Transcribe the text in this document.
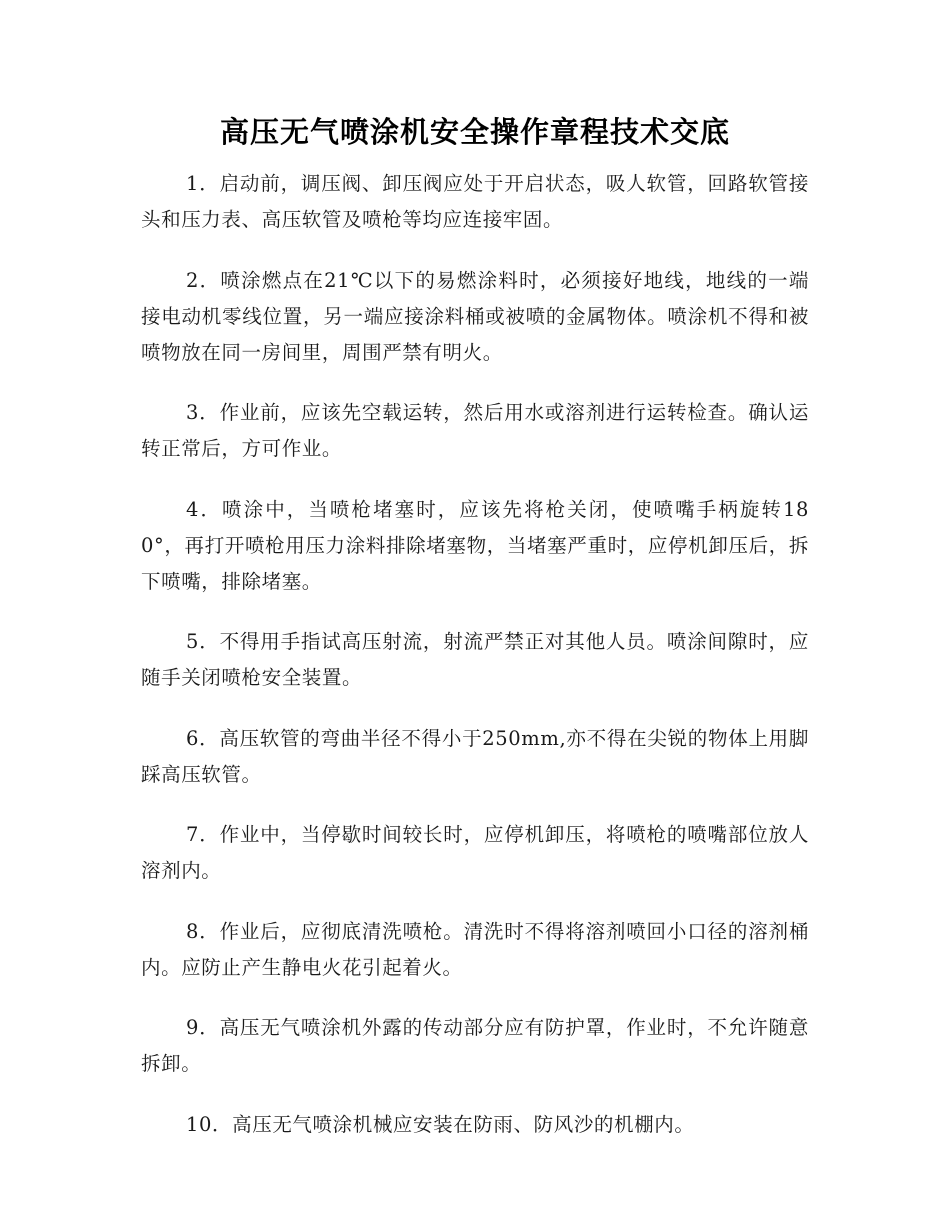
高压无气喷涂机安全操作章程技术交底

1．启动前，调压阀、卸压阀应处于开启状态，吸人软管，回路软管接头和压力表、高压软管及喷枪等均应连接牢固。

2．喷涂燃点在21℃以下的易燃涂料时，必须接好地线，地线的一端接电动机零线位置，另一端应接涂料桶或被喷的金属物体。喷涂机不得和被喷物放在同一房间里，周围严禁有明火。

3．作业前，应该先空载运转，然后用水或溶剂进行运转检查。确认运转正常后，方可作业。

4．喷涂中，当喷枪堵塞时，应该先将枪关闭，使喷嘴手柄旋转180°，再打开喷枪用压力涂料排除堵塞物，当堵塞严重时，应停机卸压后，拆下喷嘴，排除堵塞。

5．不得用手指试高压射流，射流严禁正对其他人员。喷涂间隙时，应随手关闭喷枪安全装置。

6．高压软管的弯曲半径不得小于250mm,亦不得在尖锐的物体上用脚踩高压软管。

7．作业中，当停歇时间较长时，应停机卸压，将喷枪的喷嘴部位放人溶剂内。

8．作业后，应彻底清洗喷枪。清洗时不得将溶剂喷回小口径的溶剂桶内。应防止产生静电火花引起着火。

9．高压无气喷涂机外露的传动部分应有防护罩，作业时，不允许随意拆卸。

10．高压无气喷涂机械应安装在防雨、防风沙的机棚内。
